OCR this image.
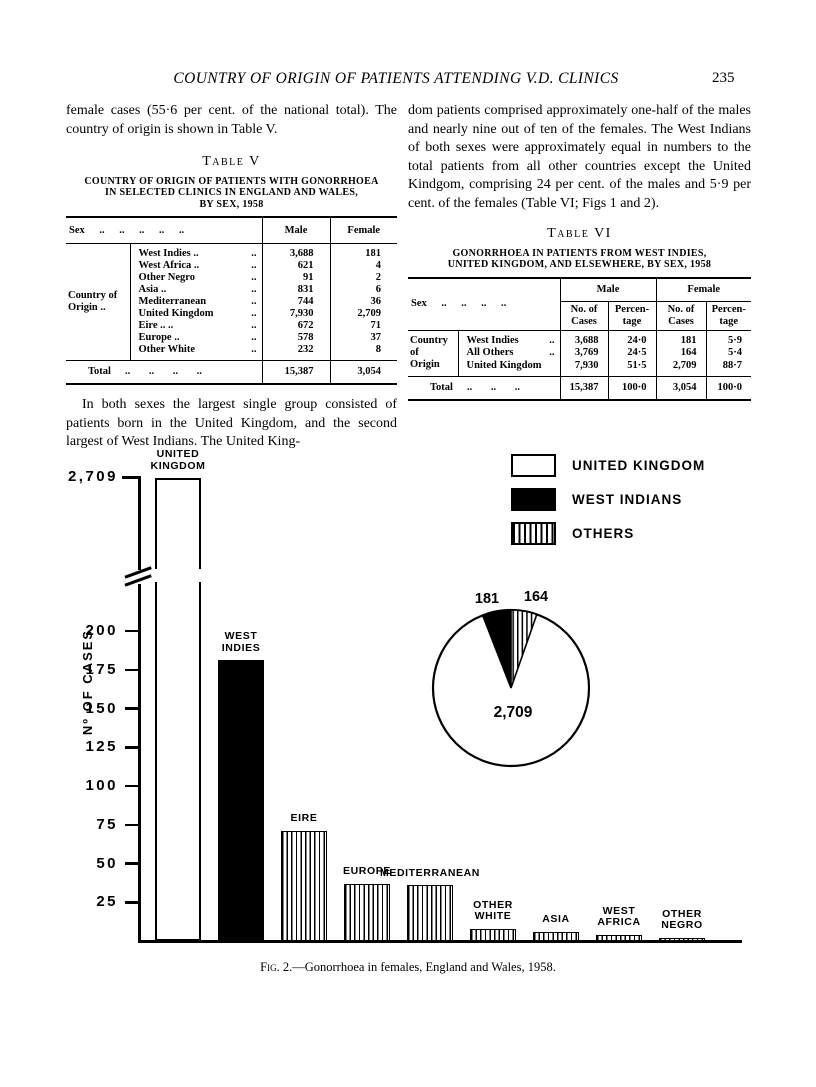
COUNTRY OF ORIGIN OF PATIENTS ATTENDING V.D. CLINICS	235
female cases (55·6 per cent. of the national total). The country of origin is shown in Table V.
Table V
COUNTRY OF ORIGIN OF PATIENTS WITH GONORRHOEA
IN SELECTED CLINICS IN ENGLAND AND WALES,
BY SEX, 1958
Sex .. .. .. .. ..		Male	Female

Country of
Origin ..			

	West Indies .. ..	3,688	181
	West Africa .. ..	621	4
	Other Negro ..	91	2
	Asia .. ..	831	6
	Mediterranean ..	744	36
	United Kingdom ..	7,930	2,709
	Eire .. .. ..	672	71
	Europe .. ..	578	37
	Other White ..	232	8

Total .. .. .. ..		15,387	3,054
In both sexes the largest single group consisted of patients born in the United Kingdom, and the second largest of West Indians. The United King-
dom patients comprised approximately one-half of the males and nearly nine out of ten of the females. The West Indians of both sexes were approximately equal in numbers to the total patients from all other countries except the United Kindgom, comprising 24 per cent. of the males and 5·9 per cent. of the females (Table VI; Figs 1 and 2).
Table VI
GONORRHOEA IN PATIENTS FROM WEST INDIES,
UNITED KINGDOM, AND ELSEWHERE, BY SEX, 1958
Sex .. .. .. ..		Male		Female	
		No. of Cases	Percen-tage	No. of Cases	Percen-tage

Country
of
Origin					

	West Indies ..	3,688	24·0	181	5·9
	All Others ..	3,769	24·5	164	5·4
	United Kingdom	7,930	51·5	2,709	88·7

Total .. .. ..		15,387	100·0	3,054	100·0
UNITED KINGDOM
WEST INDIANS
OTHERS
181 164
2,709
Fig. 2.—Gonorrhoea in females, England and Wales, 1958.
2,709
25
50
75
100
125
150
175
200
Nº OF CASES
UNITED
KINGDOM
WEST
INDIES
EIRE
EUROPE
MEDITERRANEAN
OTHER
WHITE	ASIA
WEST
AFRICA
OTHER
NEGRO
